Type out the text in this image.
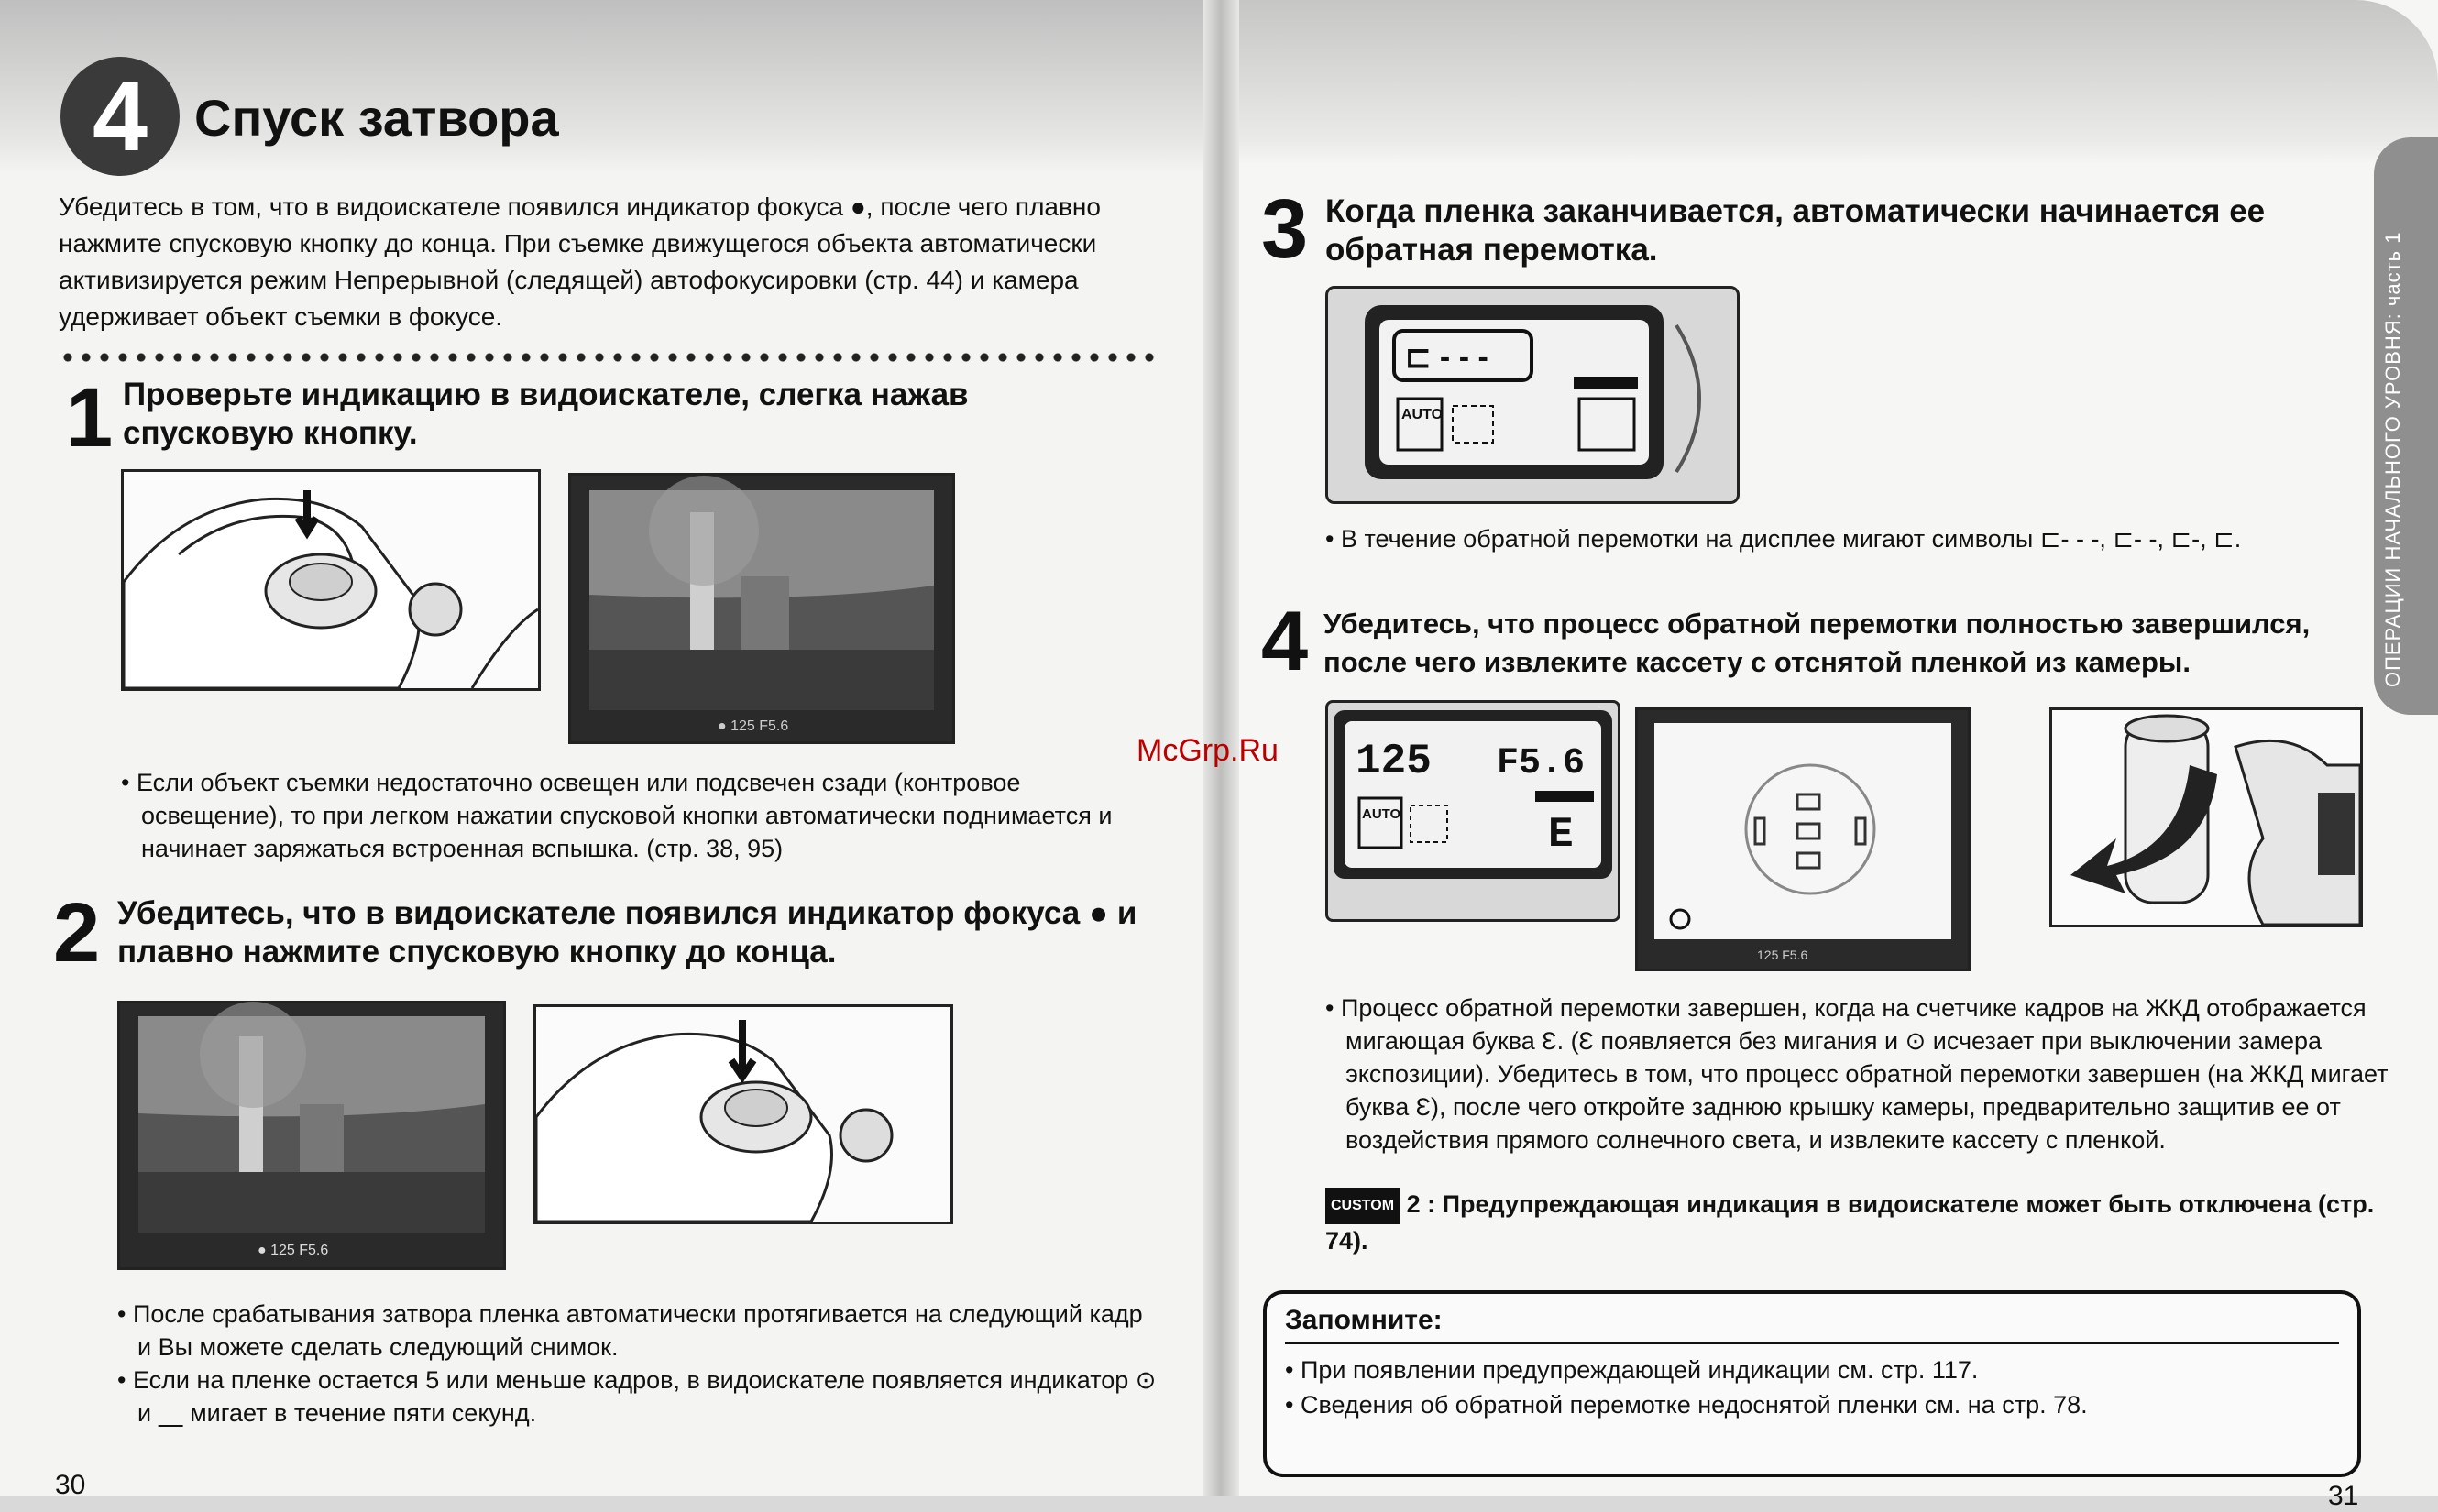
4 Спуск затвора
Убедитесь в том, что в видоискателе появился индикатор фокуса ●, после чего плавно нажмите спусковую кнопку до конца. При съемке движущегося объекта автоматически активизируется режим Непрерывной (следящей) автофокусировки (стр. 44) и камера удерживает объект съемки в фокусе.
1 Проверьте индикацию в видоискателе, слегка нажав спусковую кнопку.
● 125 F5.6
• Если объект съемки недостаточно освещен или подсвечен сзади (контровое освещение), то при легком нажатии спусковой кнопки автоматически поднимается и начинает заряжаться встроенная вспышка. (стр. 38, 95)
2 Убедитесь, что в видоискателе появился индикатор фокуса ● и плавно нажмите спусковую кнопку до конца.
● 125 F5.6
• После срабатывания затвора пленка автоматически протягивается на следующий кадр и Вы можете сделать следующий снимок.
• Если на пленке остается 5 или меньше кадров, в видоискателе появляется индикатор ⊙ и ⎽ мигает в течение пяти секунд.
30
ОПЕРАЦИИ НАЧАЛЬНОГО УРОВНЯ: часть 1
3 Когда пленка заканчивается, автоматически начинается ее обратная перемотка.
⊏ ‐ ‐ ‐
AUTO
• В течение обратной перемотки на дисплее мигают символы ⊏‐ ‐ ‐, ⊏‐ ‐, ⊏‐, ⊏.
4 Убедитесь, что процесс обратной перемотки полностью завершился, после чего извлеките кассету с отснятой пленкой из камеры.
125 F5.6
AUTO	E
125 F5.6
• Процесс обратной перемотки завершен, когда на счетчике кадров на ЖКД отображается мигающая буква Ɛ. (Ɛ появляется без мигания и ⊙ исчезает при выключении замера экспозиции). Убедитесь в том, что процесс обратной перемотки завершен (на ЖКД мигает буква Ɛ), после чего откройте заднюю крышку камеры, предварительно защитив ее от воздействия прямого солнечного света, и извлеките кассету с пленкой.
CUSTOM 2 : Предупреждающая индикация в видоискателе может быть отключена (стр. 74).
Запомните:
• При появлении предупреждающей индикации см. стр. 117.
• Сведения об обратной перемотке недоснятой пленки см. на стр. 78.
31
McGrp.Ru
